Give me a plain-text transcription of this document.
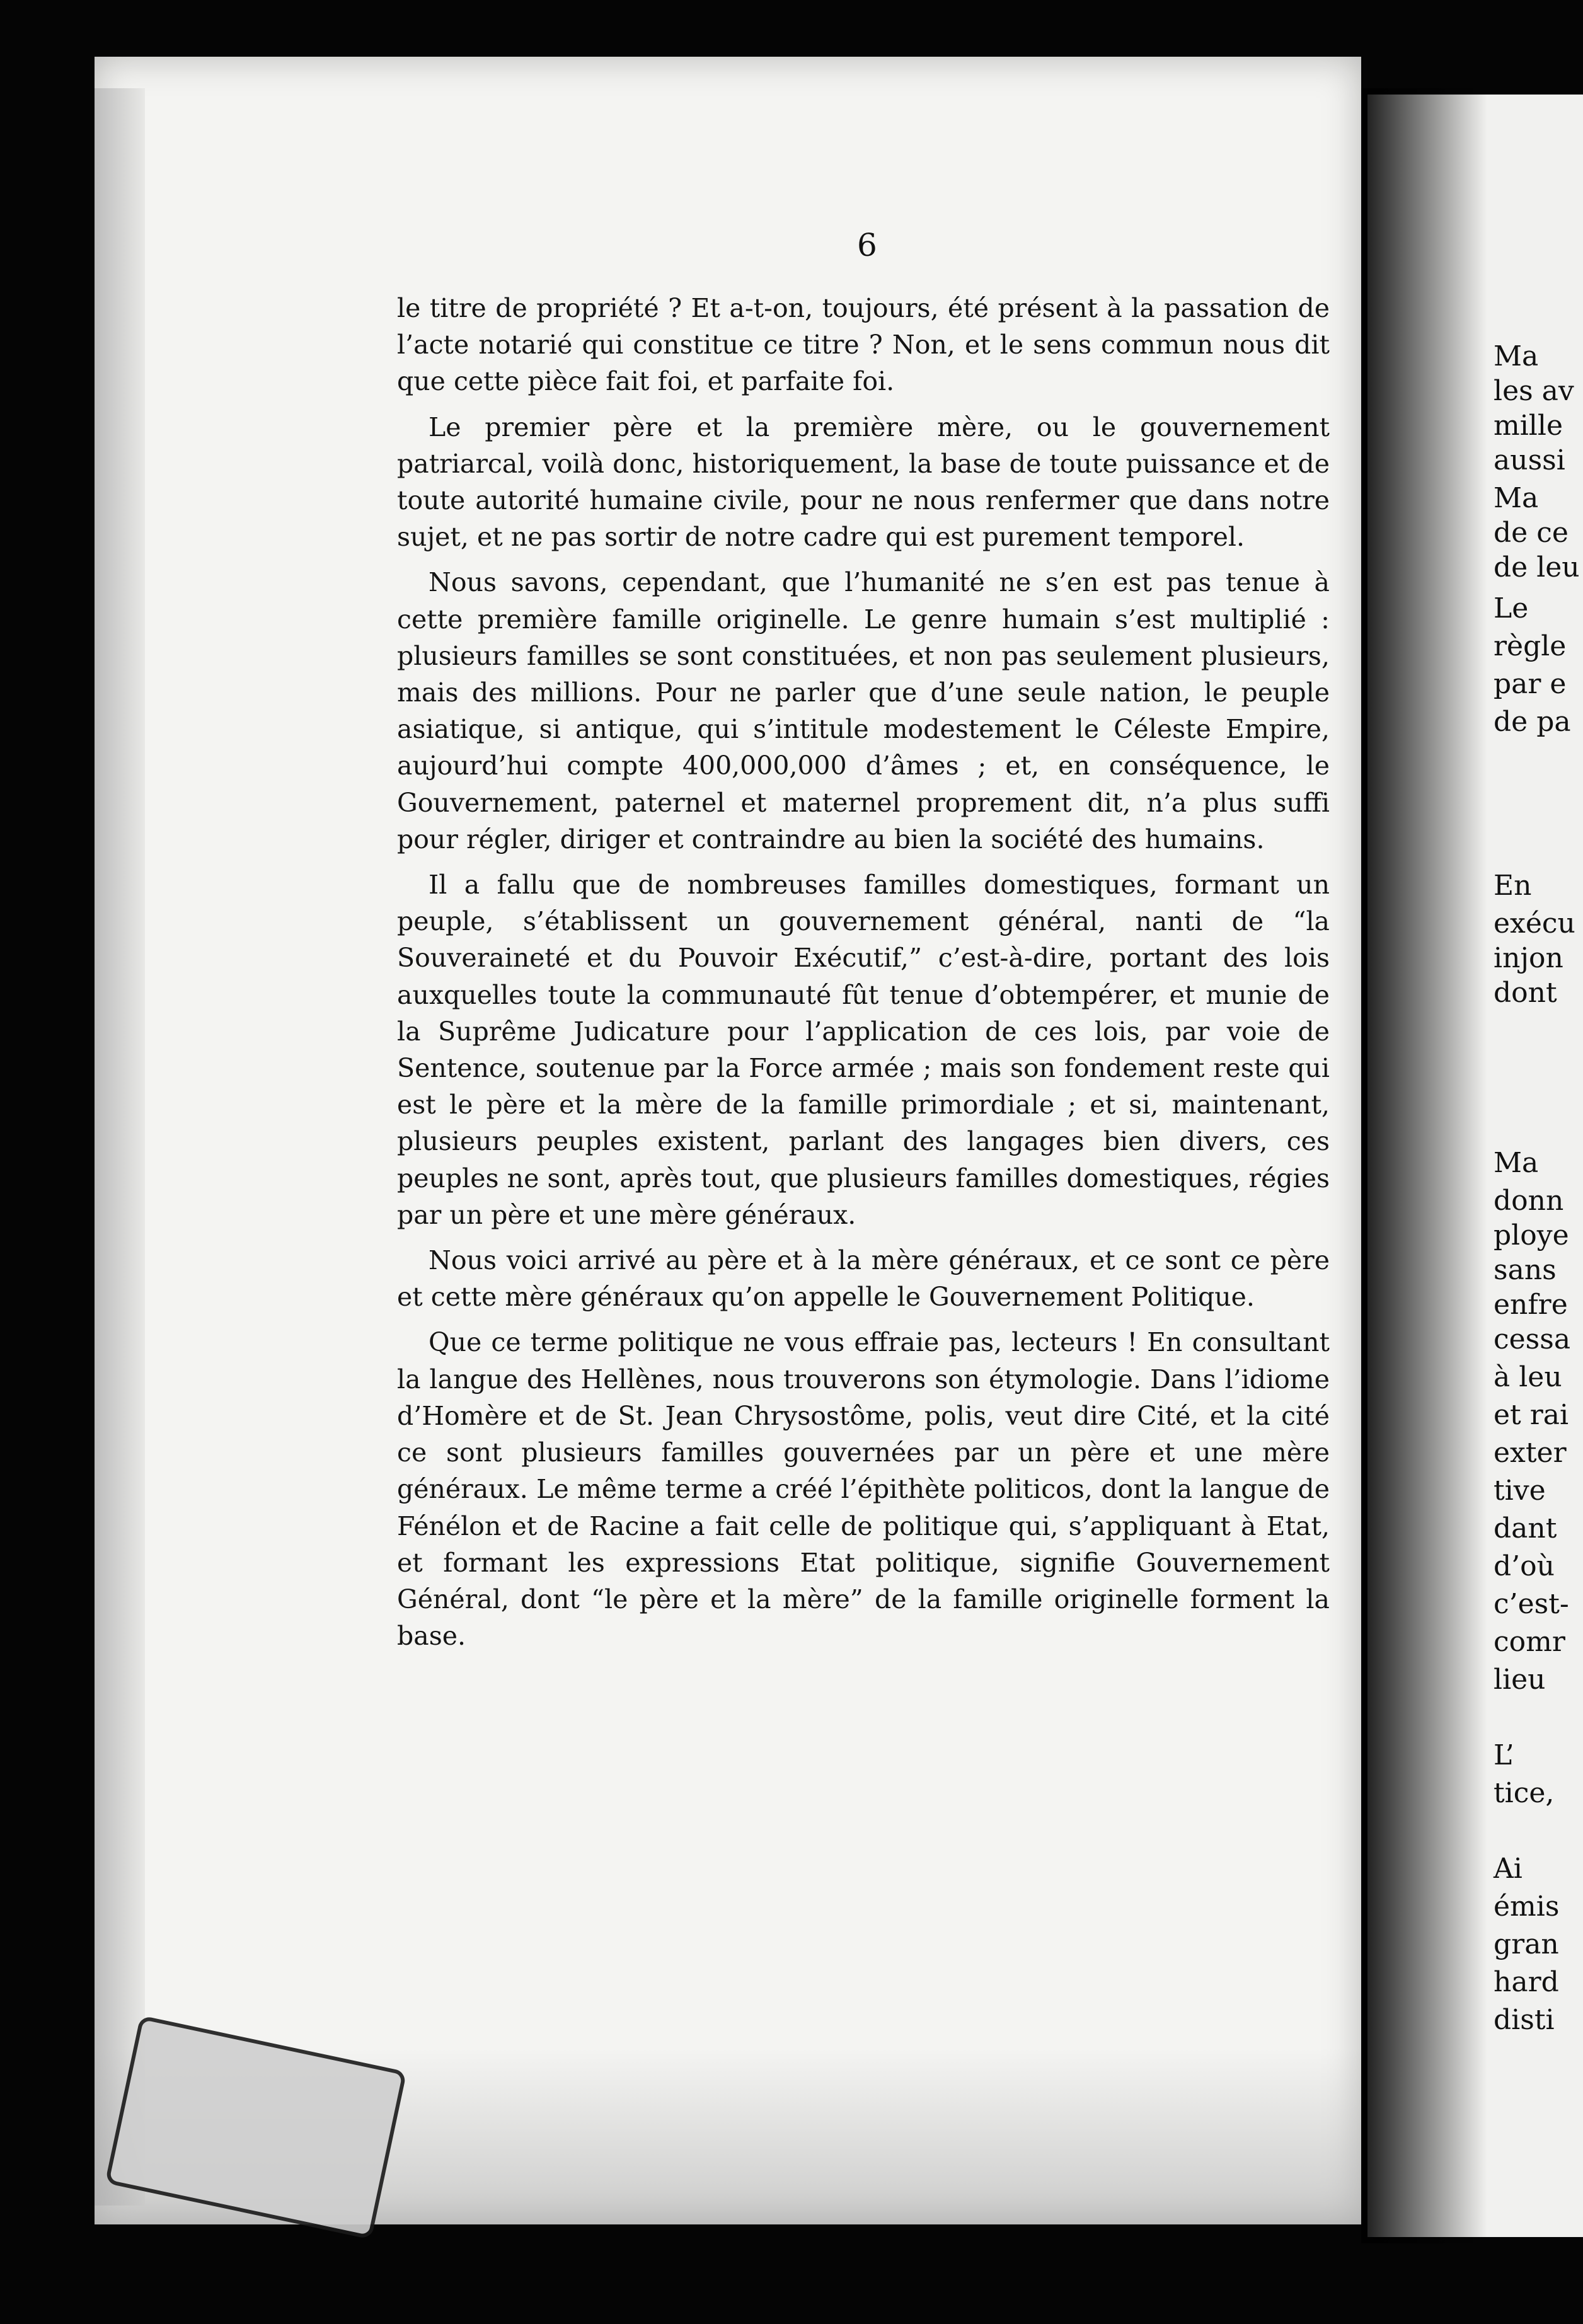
6

le titre de propriété ? Et a-t-on, toujours, été présent à la passation de l’acte notarié qui constitue ce titre ? Non, et le sens commun nous dit que cette pièce fait foi, et parfaite foi.

Le premier père et la première mère, ou le gouvernement patriarcal, voilà donc, historiquement, la base de toute puissance et de toute autorité humaine civile, pour ne nous renfermer que dans notre sujet, et ne pas sortir de notre cadre qui est purement temporel.

Nous savons, cependant, que l’humanité ne s’en est pas tenue à cette première famille originelle. Le genre humain s’est multiplié : plusieurs familles se sont constituées, et non pas seulement plusieurs, mais des millions. Pour ne parler que d’une seule nation, le peuple asiatique, si antique, qui s’intitule modestement le Céleste Empire, aujourd’hui compte 400,000,000 d’âmes ; et, en conséquence, le Gouvernement, paternel et maternel proprement dit, n’a plus suffi pour régler, diriger et contraindre au bien la société des humains.

Il a fallu que de nombreuses familles domestiques, formant un peuple, s’établissent un gouvernement général, nanti de “la Souveraineté et du Pouvoir Exécutif,” c’est-à-dire, portant des lois auxquelles toute la communauté fût tenue d’obtempérer, et munie de la Suprême Judicature pour l’application de ces lois, par voie de Sentence, soutenue par la Force armée ; mais son fondement reste qui est le père et la mère de la famille primordiale ; et si, maintenant, plusieurs peuples existent, parlant des langages bien divers, ces peuples ne sont, après tout, que plusieurs familles domestiques, régies par un père et une mère généraux.

Nous voici arrivé au père et à la mère généraux, et ce sont ce père et cette mère généraux qu’on appelle le Gouvernement Politique.

Que ce terme politique ne vous effraie pas, lecteurs ! En consultant la langue des Hellènes, nous trouverons son étymologie. Dans l’idiome d’Homère et de St. Jean Chrysostôme, polis, veut dire Cité, et la cité ce sont plusieurs familles gouvernées par un père et une mère généraux. Le même terme a créé l’épithète politicos, dont la langue de Fénélon et de Racine a fait celle de politique qui, s’appliquant à Etat, et formant les expressions Etat politique, signifie Gouvernement Général, dont “le père et la mère” de la famille originelle forment la base.

Ma

les av

mille

aussi

Ma

de ce

de leu

Le

règle

par e

de pa

En

exécu

injon

dont

Ma

donn

ploye

sans

enfre

cessa

à leu

et rai

exter

tive

dant

d’où

c’est-

comr

lieu

L’

tice,

Ai

émis

gran

hard

disti
